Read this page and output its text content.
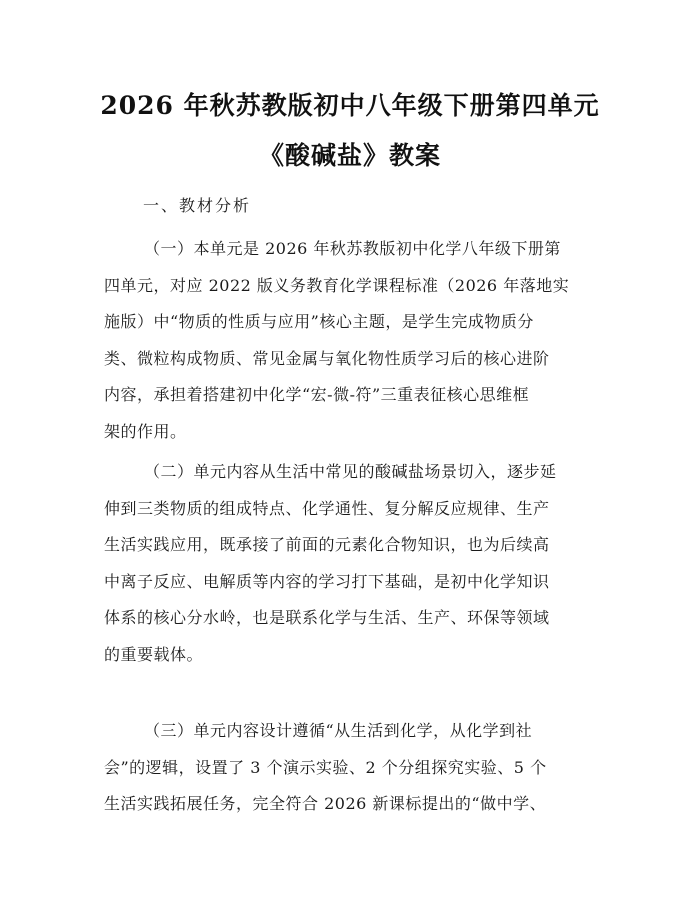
2026 年秋苏教版初中八年级下册第四单元
《酸碱盐》教案
一、教材分析
（一）本单元是 2026 年秋苏教版初中化学八年级下册第
四单元，对应 2022 版义务教育化学课程标准（2026 年落地实
施版）中“物质的性质与应用”核心主题，是学生完成物质分
类、微粒构成物质、常见金属与氧化物性质学习后的核心进阶
内容，承担着搭建初中化学“宏-微-符”三重表征核心思维框
架的作用。
（二）单元内容从生活中常见的酸碱盐场景切入，逐步延
伸到三类物质的组成特点、化学通性、复分解反应规律、生产
生活实践应用，既承接了前面的元素化合物知识，也为后续高
中离子反应、电解质等内容的学习打下基础，是初中化学知识
体系的核心分水岭，也是联系化学与生活、生产、环保等领域
的重要载体。
（三）单元内容设计遵循“从生活到化学，从化学到社
会”的逻辑，设置了 3 个演示实验、2 个分组探究实验、5 个
生活实践拓展任务，完全符合 2026 新课标提出的“做中学、
